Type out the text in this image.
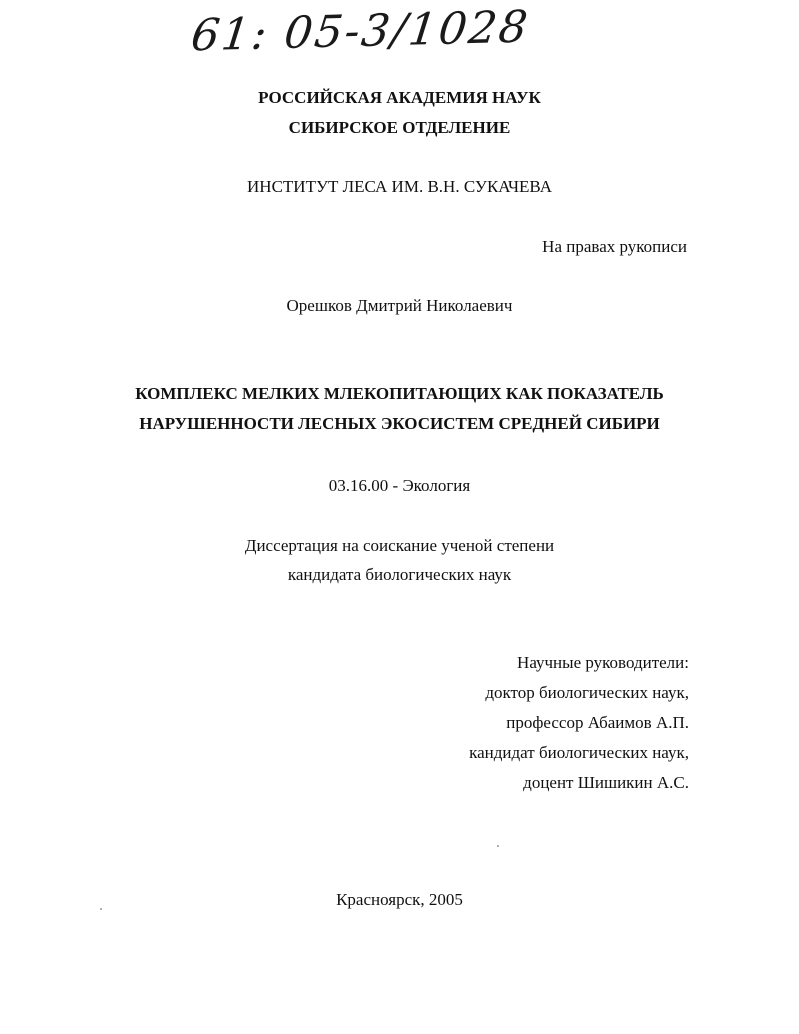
61: 05-3/1028
РОССИЙСКАЯ АКАДЕМИЯ НАУК
СИБИРСКОЕ ОТДЕЛЕНИЕ
ИНСТИТУТ ЛЕСА ИМ. В.Н. СУКАЧЕВА
На правах рукописи
Орешков Дмитрий Николаевич
КОМПЛЕКС МЕЛКИХ МЛЕКОПИТАЮЩИХ КАК ПОКАЗАТЕЛЬ
НАРУШЕННОСТИ ЛЕСНЫХ ЭКОСИСТЕМ СРЕДНЕЙ СИБИРИ
03.16.00 - Экология
Диссертация на соискание ученой степени
кандидата биологических наук
Научные руководители:
доктор биологических наук,
профессор Абаимов А.П.
кандидат биологических наук,
доцент Шишикин А.С.
Красноярск, 2005
